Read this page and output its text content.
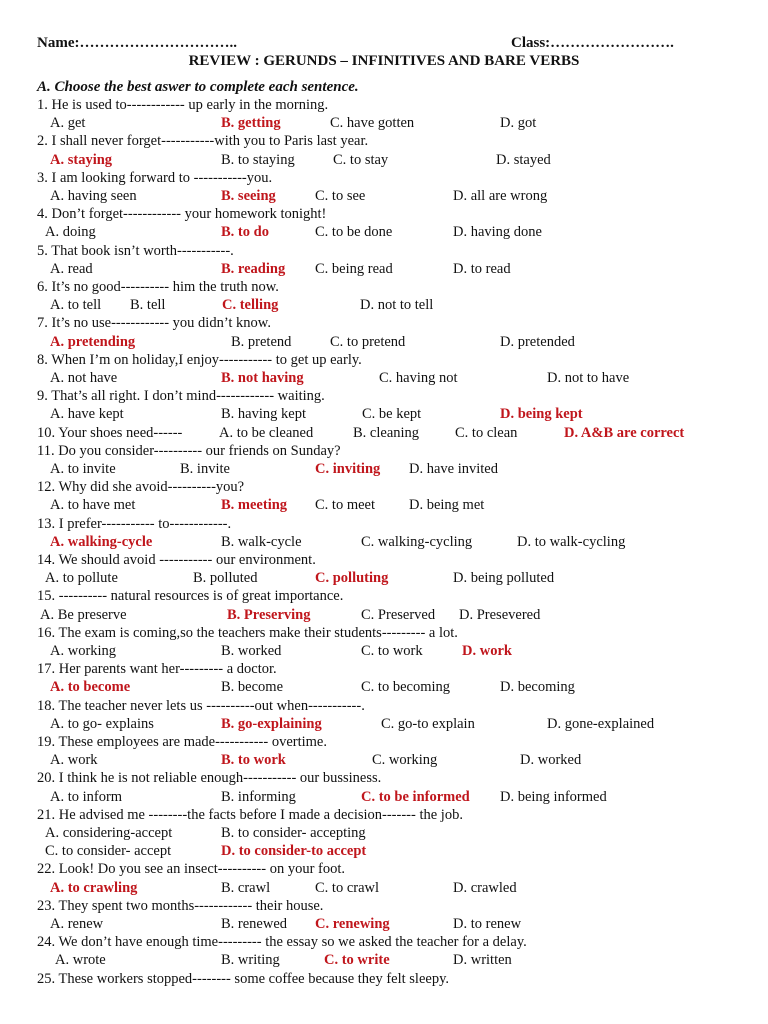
Name:…………………………..	Class:…………………….
REVIEW : GERUNDS – INFINITIVES AND BARE VERBS
A. Choose the best aswer to complete each sentence.
1. He is used to------------ up early in the morning.
A. get	B. getting	C. have gotten	D. got
2. I shall never forget-----------with you to Paris last year.
A. staying	B. to staying	C. to stay	D. stayed
3. I am looking forward to -----------you.
A. having seen	B. seeing	C. to see	D. all are wrong
4. Don’t forget------------ your homework tonight!
A. doing	B. to do	C. to be done	D. having done
5. That book isn’t worth-----------.
A. read	B. reading C. being read	D. to read
6. It’s no good---------- him the truth now.
A. to tell B. tell	C. telling	D. not to tell
7. It’s no use------------ you didn’t know.
A. pretending	B. pretend	C. to pretend	D. pretended
8. When I’m on holiday,I enjoy----------- to get up early.
A. not have	B. not having	C. having not	D. not to have
9. That’s all right. I don’t mind------------ waiting.
A. have kept	B. having kept	C. be kept	D. being kept
10. Your shoes need------	A. to be cleaned	B. cleaning C. to clean	D. A&B are correct
11. Do you consider---------- our friends on Sunday?
A. to invite	B. invite	C. inviting D. have invited
12. Why did she avoid----------you?
A. to have met	B. meeting C. to meet D. being met
13. I prefer----------- to------------.
A. walking-cycle	B. walk-cycle	C. walking-cycling	D. to walk-cycling
14. We should avoid ----------- our environment.
A. to pollute	B. polluted	C. polluting	D. being polluted
15. ---------- natural resources is of great importance.
A. Be preserve	B. Preserving	C. Preserved D. Presevered
16. The exam is coming,so the teachers make their students--------- a lot.
A. working	B. worked	C. to work	D. work
17. Her parents want her--------- a doctor.
A. to become	B. become	C. to becoming	D. becoming
18. The teacher never lets us ----------out when-----------.
A. to go- explains	B. go-explaining	C. go-to explain	D. gone-explained
19. These employees are made----------- overtime.
A. work	B. to work	C. working	D. worked
20. I think he is not reliable enough----------- our bussiness.
A. to inform	B. informing	C. to be informed D. being informed
21. He advised me --------the facts before I made a decision------- the job.
A. considering-accept	B. to consider- accepting
C. to consider- accept	D. to consider-to accept
22. Look! Do you see an insect---------- on your foot.
A. to crawling	B. crawl	C. to crawl	D. crawled
23. They spent two months------------ their house.
A. renew	B. renewed C. renewing	D. to renew
24. We don’t have enough time--------- the essay so we asked the teacher for a delay.
A. wrote	B. writing	C. to write	D. written
25. These workers stopped-------- some coffee because they felt sleepy.
